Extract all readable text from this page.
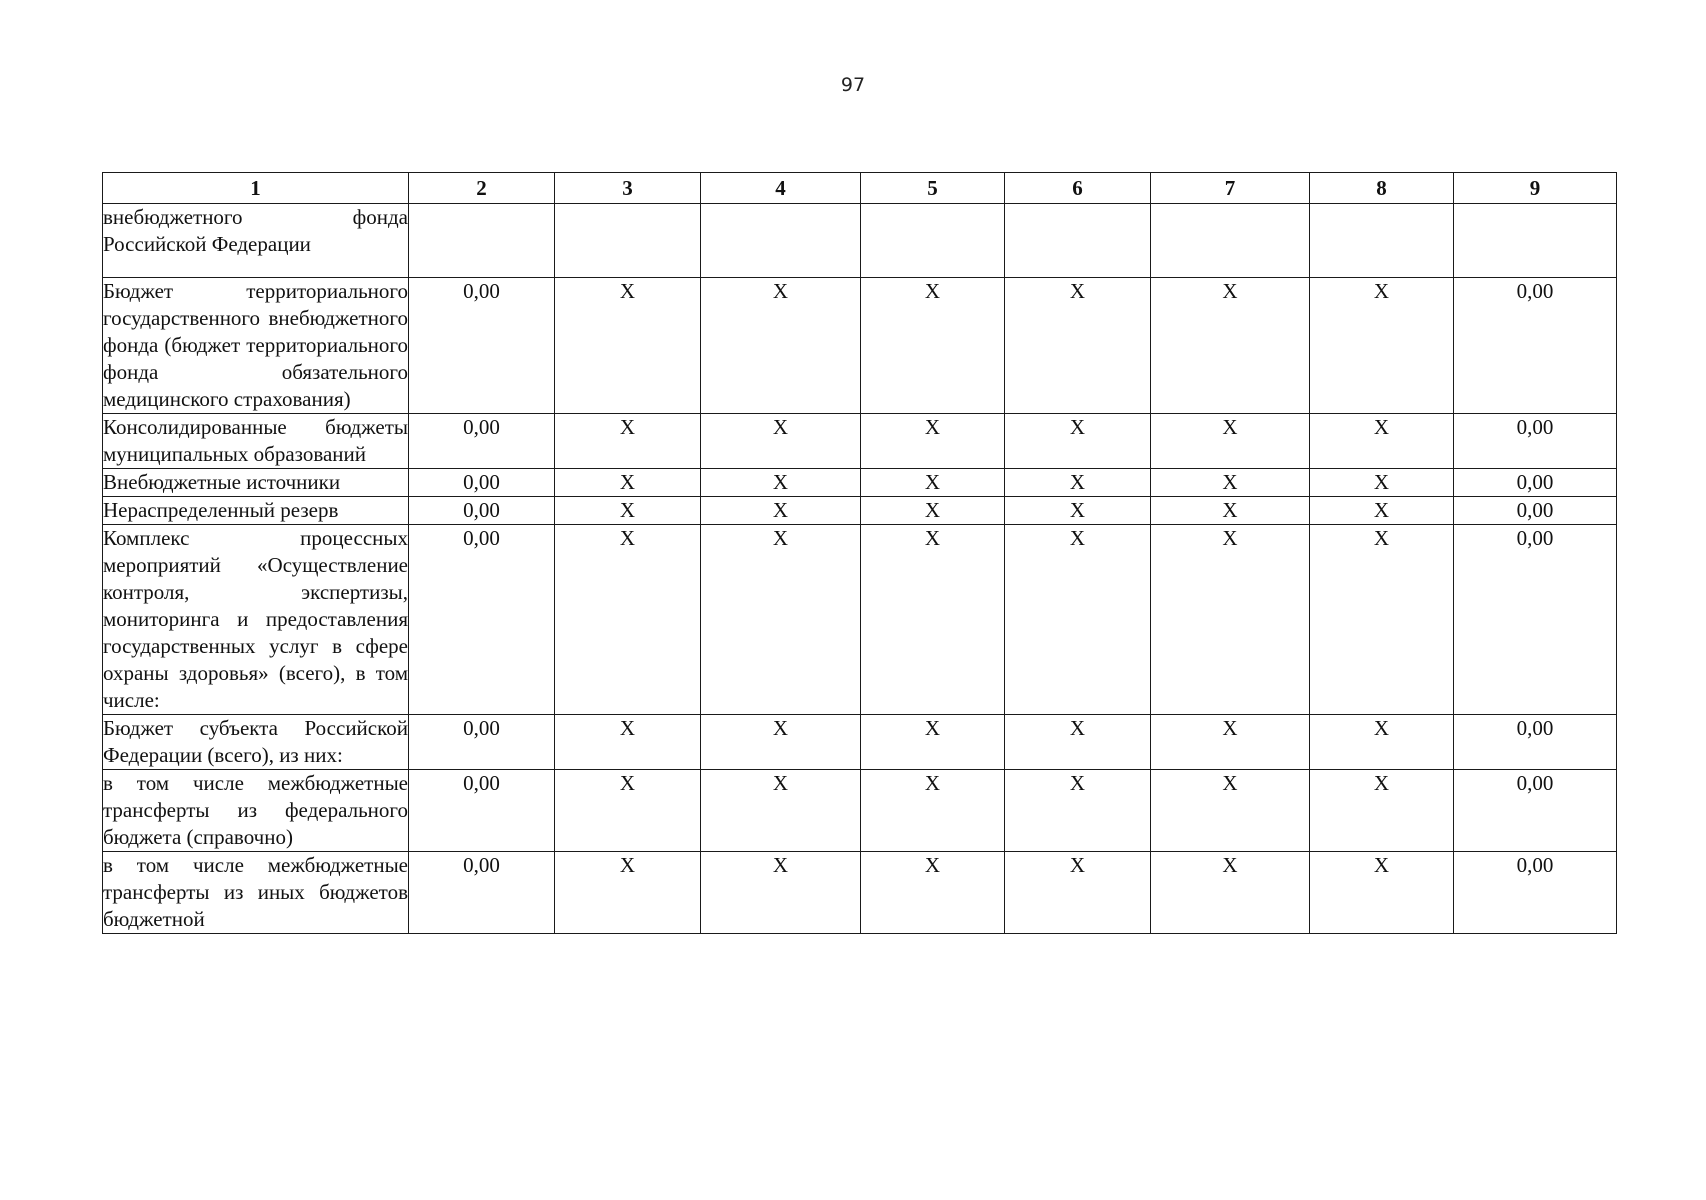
97
1	2	3	4	5	6	7	8	9
внебюджетного фонда Российской Федерации								
Бюджет территориального государственного внебюджетного фонда (бюджет территориального фонда обязательного медицинского страхования)	0,00	X	X	X	X	X	X	0,00
Консолидированные бюджеты муниципальных образований	0,00	X	X	X	X	X	X	0,00
Внебюджетные источники	0,00	X	X	X	X	X	X	0,00
Нераспределенный резерв	0,00	X	X	X	X	X	X	0,00
Комплекс процессных мероприятий «Осуществление контроля, экспертизы, мониторинга и предоставления государственных услуг в сфере охраны здоровья» (всего), в том числе:	0,00	X	X	X	X	X	X	0,00
Бюджет субъекта Российской Федерации (всего), из них:	0,00	X	X	X	X	X	X	0,00
в том числе межбюджетные трансферты из федерального бюджета (справочно)	0,00	X	X	X	X	X	X	0,00
в том числе межбюджетные трансферты из иных бюджетов бюджетной	0,00	X	X	X	X	X	X	0,00
